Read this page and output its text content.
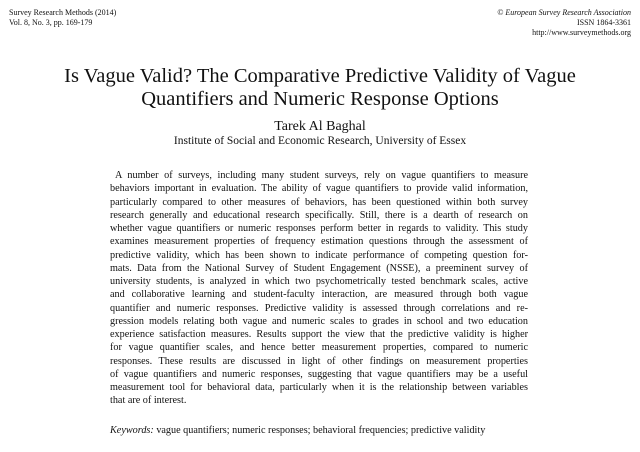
Survey Research Methods (2014)
Vol. 8, No. 3, pp. 169-179
© European Survey Research Association
ISSN 1864-3361
http://www.surveymethods.org
Is Vague Valid? The Comparative Predictive Validity of Vague
Quantifiers and Numeric Response Options
Tarek Al Baghal
Institute of Social and Economic Research, University of Essex
A number of surveys, including many student surveys, rely on vague quantifiers to measure
behaviors important in evaluation. The ability of vague quantifiers to provide valid information,
particularly compared to other measures of behaviors, has been questioned within both survey
research generally and educational research specifically. Still, there is a dearth of research on
whether vague quantifiers or numeric responses perform better in regards to validity. This study
examines measurement properties of frequency estimation questions through the assessment of
predictive validity, which has been shown to indicate performance of competing question for-
mats. Data from the National Survey of Student Engagement (NSSE), a preeminent survey of
university students, is analyzed in which two psychometrically tested benchmark scales, active
and collaborative learning and student-faculty interaction, are measured through both vague
quantifier and numeric responses. Predictive validity is assessed through correlations and re-
gression models relating both vague and numeric scales to grades in school and two education
experience satisfaction measures. Results support the view that the predictive validity is higher
for vague quantifier scales, and hence better measurement properties, compared to numeric
responses. These results are discussed in light of other findings on measurement properties
of vague quantifiers and numeric responses, suggesting that vague quantifiers may be a useful
measurement tool for behavioral data, particularly when it is the relationship between variables
that are of interest.
Keywords: vague quantifiers; numeric responses; behavioral frequencies; predictive validity
